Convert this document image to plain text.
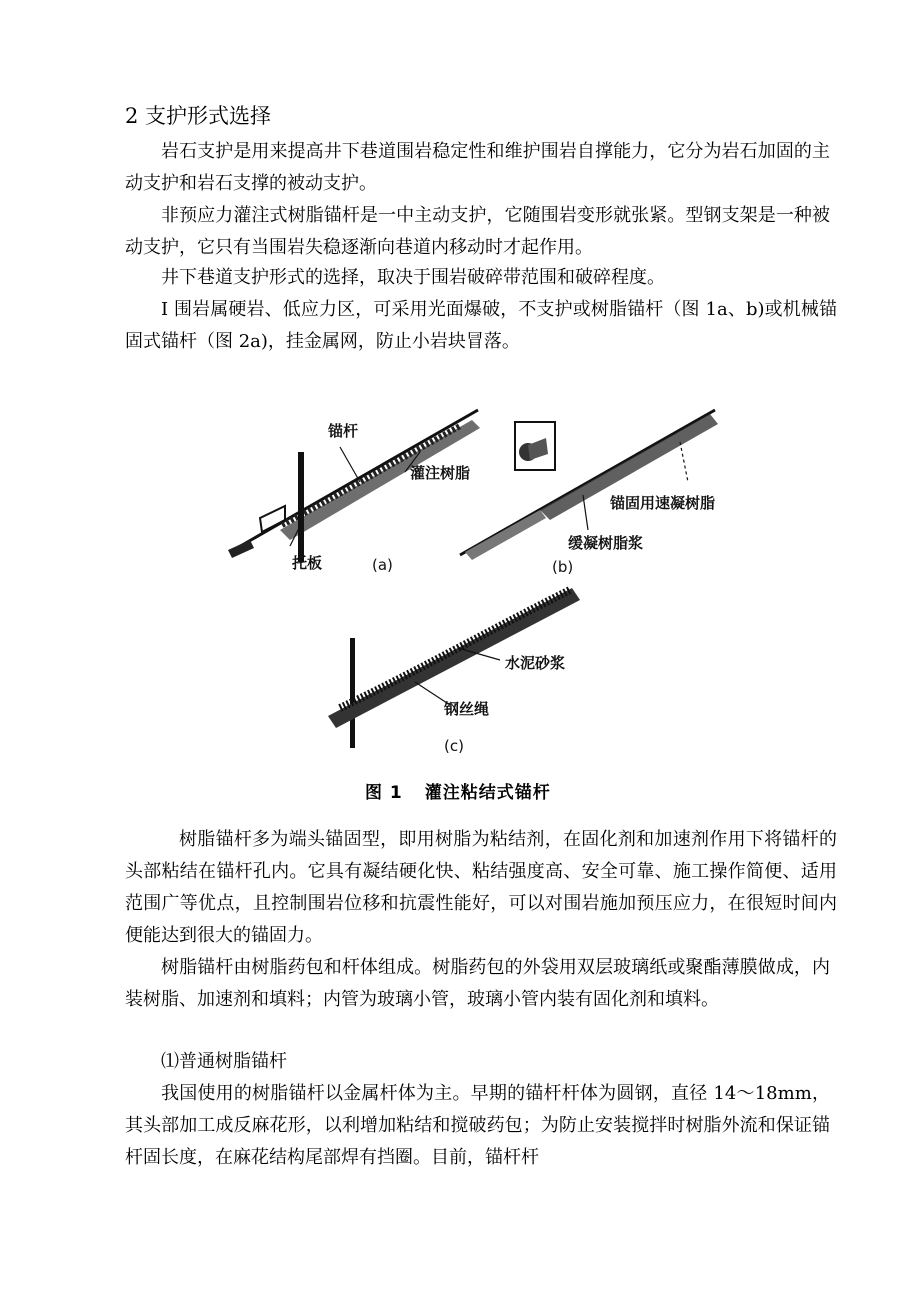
2 支护形式选择

岩石支护是用来提高井下巷道围岩稳定性和维护围岩自撑能力，它分为岩石加固的主动支护和岩石支撑的被动支护。

非预应力灌注式树脂锚杆是一中主动支护，它随围岩变形就张紧。型钢支架是一种被动支护，它只有当围岩失稳逐渐向巷道内移动时才起作用。

井下巷道支护形式的选择，取决于围岩破碎带范围和破碎程度。

I 围岩属硬岩、低应力区，可采用光面爆破，不支护或树脂锚杆（图 1a、b)或机械锚固式锚杆（图 2a)，挂金属网，防止小岩块冒落。

锚杆
灌注树脂
托板	(a)
锚固用速凝树脂
缓凝树脂浆
(b)
水泥砂浆
钢丝绳
(c)
图 1 灌注粘结式锚杆

树脂锚杆多为端头锚固型，即用树脂为粘结剂，在固化剂和加速剂作用下将锚杆的头部粘结在锚杆孔内。它具有凝结硬化快、粘结强度高、安全可靠、施工操作简便、适用范围广等优点，且控制围岩位移和抗震性能好，可以对围岩施加预压应力，在很短时间内便能达到很大的锚固力。

树脂锚杆由树脂药包和杆体组成。树脂药包的外袋用双层玻璃纸或聚酯薄膜做成，内装树脂、加速剂和填料；内管为玻璃小管，玻璃小管内装有固化剂和填料。

⑴普通树脂锚杆

我国使用的树脂锚杆以金属杆体为主。早期的锚杆杆体为圆钢，直径 14～18mm，其头部加工成反麻花形，以利增加粘结和搅破药包；为防止安装搅拌时树脂外流和保证锚杆固长度，在麻花结构尾部焊有挡圈。目前，锚杆杆
